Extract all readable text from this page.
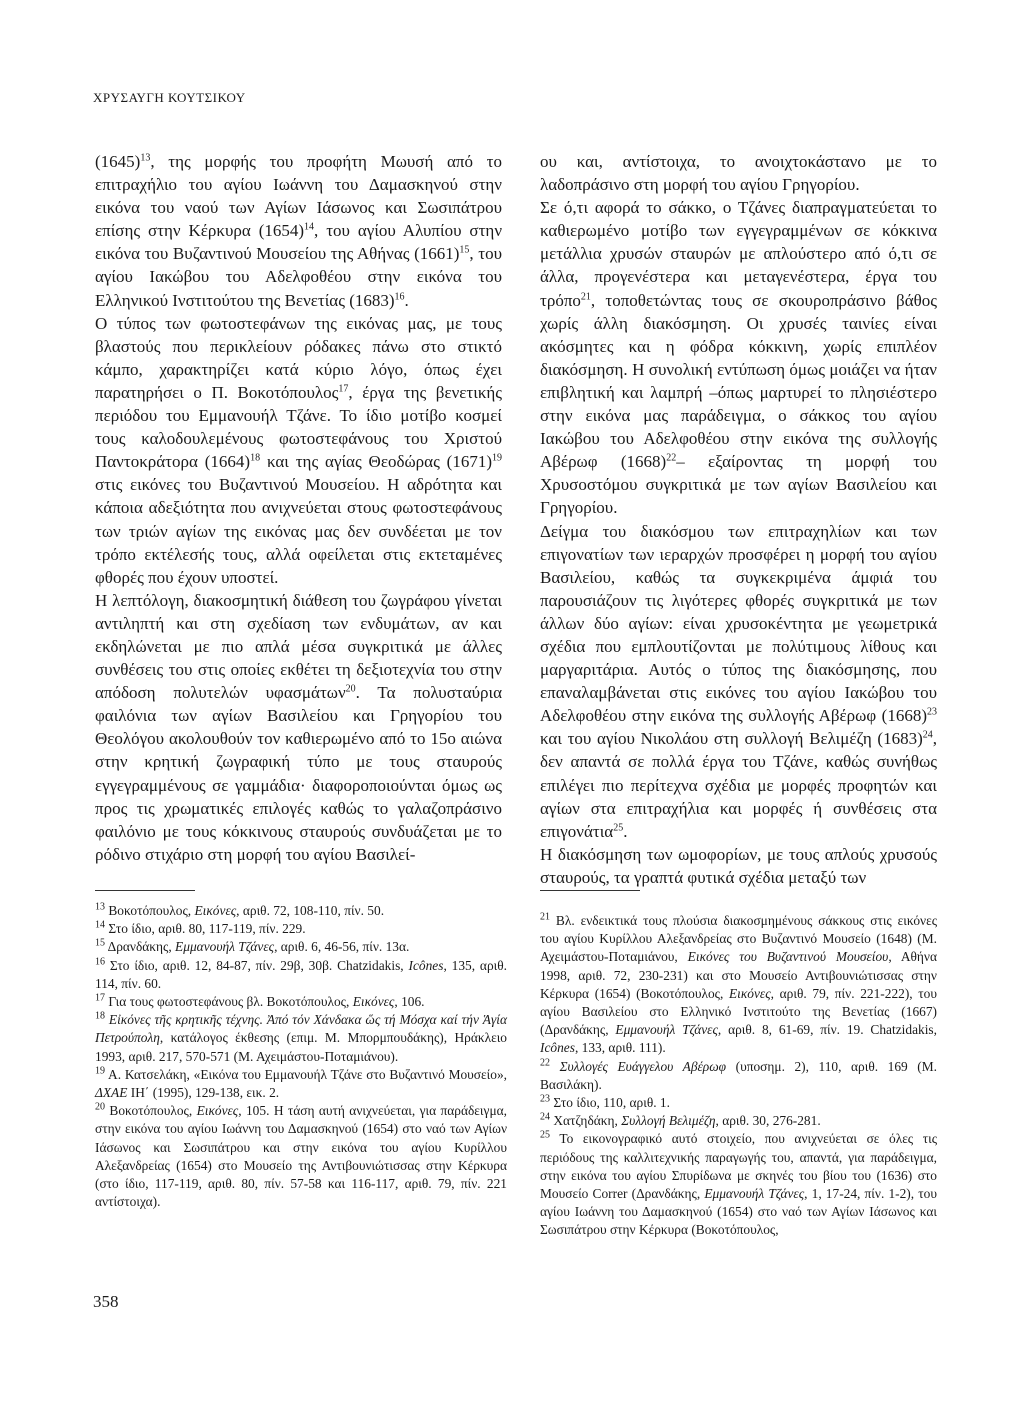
ΧΡΥΣΑΥΓΗ ΚΟΥΤΣΙΚΟΥ

$(1645)^{13}$, της μορφής του προφήτη Μωυσή από το επιτραχήλιο του αγίου Ιωάννη του Δαμασκηνού στην εικόνα του ναού των Αγίων Ιάσωνος και Σωσιπάτρου επίσης στην Κέρκυρα $(1654)^{14}$, του αγίου Αλυπίου στην εικόνα του Βυζαντινού Μουσείου της Αθήνας $(1661)^{15}$, του αγίου Ιακώβου του Αδελφοθέου στην εικόνα του Ελληνικού Ινστιτούτου της Βενετίας $(1683)^{16}$.

Ο τύπος των φωτοστεφάνων της εικόνας μας, με τους βλαστούς που περικλείουν ρόδακες πάνω στο στικτό κάμπο, χαρακτηρίζει κατά κύριο λόγο, όπως έχει παρατηρήσει ο Π. Βοκοτόπουλος$^{17}$, έργα της βενετικής περιόδου του Εμμανουήλ Τζάνε. Το ίδιο μοτίβο κοσμεί τους καλοδουλεμένους φωτοστεφάνους του Χριστού Παντοκράτορα $(1664)^{18}$ και της αγίας Θεοδώρας $(1671)^{19}$ στις εικόνες του Βυζαντινού Μουσείου. Η αδρότητα και κάποια αδεξιότητα που ανιχνεύεται στους φωτοστεφάνους των τριών αγίων της εικόνας μας δεν συνδέεται με τον τρόπο εκτέλεσής τους, αλλά οφείλεται στις εκτεταμένες φθορές που έχουν υποστεί.

Η λεπτόλογη, διακοσμητική διάθεση του ζωγράφου γίνεται αντιληπτή και στη σχεδίαση των ενδυμάτων, αν και εκδηλώνεται με πιο απλά μέσα συγκριτικά με άλλες συνθέσεις του στις οποίες εκθέτει τη δεξιοτεχνία του στην απόδοση πολυτελών υφασμάτων$^{20}$. Τα πολυσταύρια φαιλόνια των αγίων Βασιλείου και Γρηγορίου του Θεολόγου ακολουθούν τον καθιερωμένο από το 15ο αιώνα στην κρητική ζωγραφική τύπο με τους σταυρούς εγγεγραμμένους σε γαμμάδια· διαφοροποιούνται όμως ως προς τις χρωματικές επιλογές καθώς το γαλαζοπράσινο φαιλόνιο με τους κόκκινους σταυρούς συνδυάζεται με το ρόδινο στιχάριο στη μορφή του αγίου Βασιλεί-

ου και, αντίστοιχα, το ανοιχτοκάστανο με το λαδοπράσινο στη μορφή του αγίου Γρηγορίου.

Σε ό,τι αφορά το σάκκο, ο Τζάνες διαπραγματεύεται το καθιερωμένο μοτίβο των εγγεγραμμένων σε κόκκινα μετάλλια χρυσών σταυρών με απλούστερο από ό,τι σε άλλα, προγενέστερα και μεταγενέστερα, έργα του τρόπο$^{21}$, τοποθετώντας τους σε σκουροπράσινο βάθος χωρίς άλλη διακόσμηση. Οι χρυσές ταινίες είναι ακόσμητες και η φόδρα κόκκινη, χωρίς επιπλέον διακόσμηση. Η συνολική εντύπωση όμως μοιάζει να ήταν επιβλητική και λαμπρή –όπως μαρτυρεί το πλησιέστερο στην εικόνα μας παράδειγμα, ο σάκκος του αγίου Ιακώβου του Αδελφοθέου στην εικόνα της συλλογής Αβέρωφ $(1668)^{22}-$ εξαίροντας τη μορφή του Χρυσοστόμου συγκριτικά με των αγίων Βασιλείου και Γρηγορίου.

Δείγμα του διακόσμου των επιτραχηλίων και των επιγονατίων των ιεραρχών προσφέρει η μορφή του αγίου Βασιλείου, καθώς τα συγκεκριμένα άμφιά του παρουσιάζουν τις λιγότερες φθορές συγκριτικά με των άλλων δύο αγίων: είναι χρυσοκέντητα με γεωμετρικά σχέδια που εμπλουτίζονται με πολύτιμους λίθους και μαργαριτάρια. Αυτός ο τύπος της διακόσμησης, που επαναλαμβάνεται στις εικόνες του αγίου Ιακώβου του Αδελφοθέου στην εικόνα της συλλογής Αβέρωφ $(1668)^{23}$ και του αγίου Νικολάου στη συλλογή Βελιμέζη $(1683)^{24}$, δεν απαντά σε πολλά έργα του Τζάνε, καθώς συνήθως επιλέγει πιο περίτεχνα σχέδια με μορφές προφητών και αγίων στα επιτραχήλια και μορφές ή συνθέσεις στα επιγονάτια$^{25}$.

Η διακόσμηση των ωμοφορίων, με τους απλούς χρυσούς σταυρούς, τα γραπτά φυτικά σχέδια μεταξύ των

$^{13}$ Βοκοτόπουλος, Εικόνες, αριθ. 72, 108-110, πίν. 50.

$^{14}$ Στο ίδιο, αριθ. 80, 117-119, πίν. 229.

$^{15}$ Δρανδάκης, Εμμανουήλ Τζάνες, αριθ. 6, 46-56, πίν. 13α.

$^{16}$ Στο ίδιο, αριθ. 12, 84-87, πίν. 29β, 30β. Chatzidakis, Icônes, 135, αριθ. 114, πίν. 60.

$^{17}$ Για τους φωτοστεφάνους βλ. Βοκοτόπουλος, Εικόνες, 106.

$^{18}$ Εἰκόνες τῆς κρητικῆς τέχνης. Ἀπό τόν Χάνδακα ὥς τή Μόσχα καί τήν Ἁγία Πετρούπολη, κατάλογος έκθεσης (επιμ. Μ. Μπορμπουδάκης), Ηράκλειο 1993, αριθ. 217, 570-571 (Μ. Αχειμάστου-Ποταμιάνου).

$^{19}$ Α. Κατσελάκη, «Εικόνα του Εμμανουήλ Τζάνε στο Βυζαντινό Μουσείο», ΔΧΑΕ ΙΗ΄ (1995), 129-138, εικ. 2.

$^{20}$ Βοκοτόπουλος, Εικόνες, 105. Η τάση αυτή ανιχνεύεται, για παράδειγμα, στην εικόνα του αγίου Ιωάννη του Δαμασκηνού (1654) στο ναό των Αγίων Ιάσωνος και Σωσιπάτρου και στην εικόνα του αγίου Κυρίλλου Αλεξανδρείας (1654) στο Μουσείο της Αντιβουνιώτισσας στην Κέρκυρα (στο ίδιο, 117-119, αριθ. 80, πίν. 57-58 και 116-117, αριθ. 79, πίν. 221 αντίστοιχα).

$^{21}$ Βλ. ενδεικτικά τους πλούσια διακοσμημένους σάκκους στις εικόνες του αγίου Κυρίλλου Αλεξανδρείας στο Βυζαντινό Μουσείο (1648) (Μ. Αχειμάστου-Ποταμιάνου, Εικόνες του Βυζαντινού Μουσείου, Αθήνα 1998, αριθ. 72, 230-231) και στο Μουσείο Αντιβουνιώτισσας στην Κέρκυρα (1654) (Βοκοτόπουλος, Εικόνες, αριθ. 79, πίν. 221-222), του αγίου Βασιλείου στο Ελληνικό Ινστιτούτο της Βενετίας (1667) (Δρανδάκης, Εμμανουήλ Τζάνες, αριθ. 8, 61-69, πίν. 19. Chatzidakis, Icônes, 133, αριθ. 111).

$^{22}$ Συλλογές Ευάγγελου Αβέρωφ (υποσημ. 2), 110, αριθ. 169 (Μ. Βασιλάκη).

$^{23}$ Στο ίδιο, 110, αριθ. 1.

$^{24}$ Χατζηδάκη, Συλλογή Βελιμέζη, αριθ. 30, 276-281.

$^{25}$ Το εικονογραφικό αυτό στοιχείο, που ανιχνεύεται σε όλες τις περιόδους της καλλιτεχνικής παραγωγής του, απαντά, για παράδειγμα, στην εικόνα του αγίου Σπυρίδωνα με σκηνές του βίου του (1636) στο Μουσείο Correr (Δρανδάκης, Εμμανουήλ Τζάνες, 1, 17-24, πίν. 1-2), του αγίου Ιωάννη του Δαμασκηνού (1654) στο ναό των Αγίων Ιάσωνος και Σωσιπάτρου στην Κέρκυρα (Βοκοτόπουλος,

358
